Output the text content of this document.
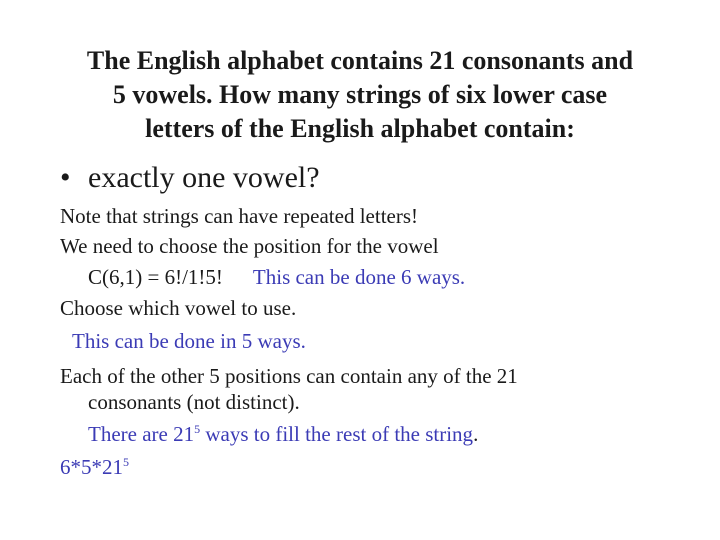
The English alphabet contains 21 consonants and
5 vowels. How many strings of six lower case
letters of the English alphabet contain:
• exactly one vowel?
Note that strings can have repeated letters!
We need to choose the position for the vowel
C(6,1) = 6!/1!5! This can be done 6 ways.
Choose which vowel to use.
This can be done in 5 ways.
Each of the other 5 positions can contain any of the 21
consonants (not distinct).
There are $21^5$ ways to fill the rest of the string.
$6*5*21^5$
